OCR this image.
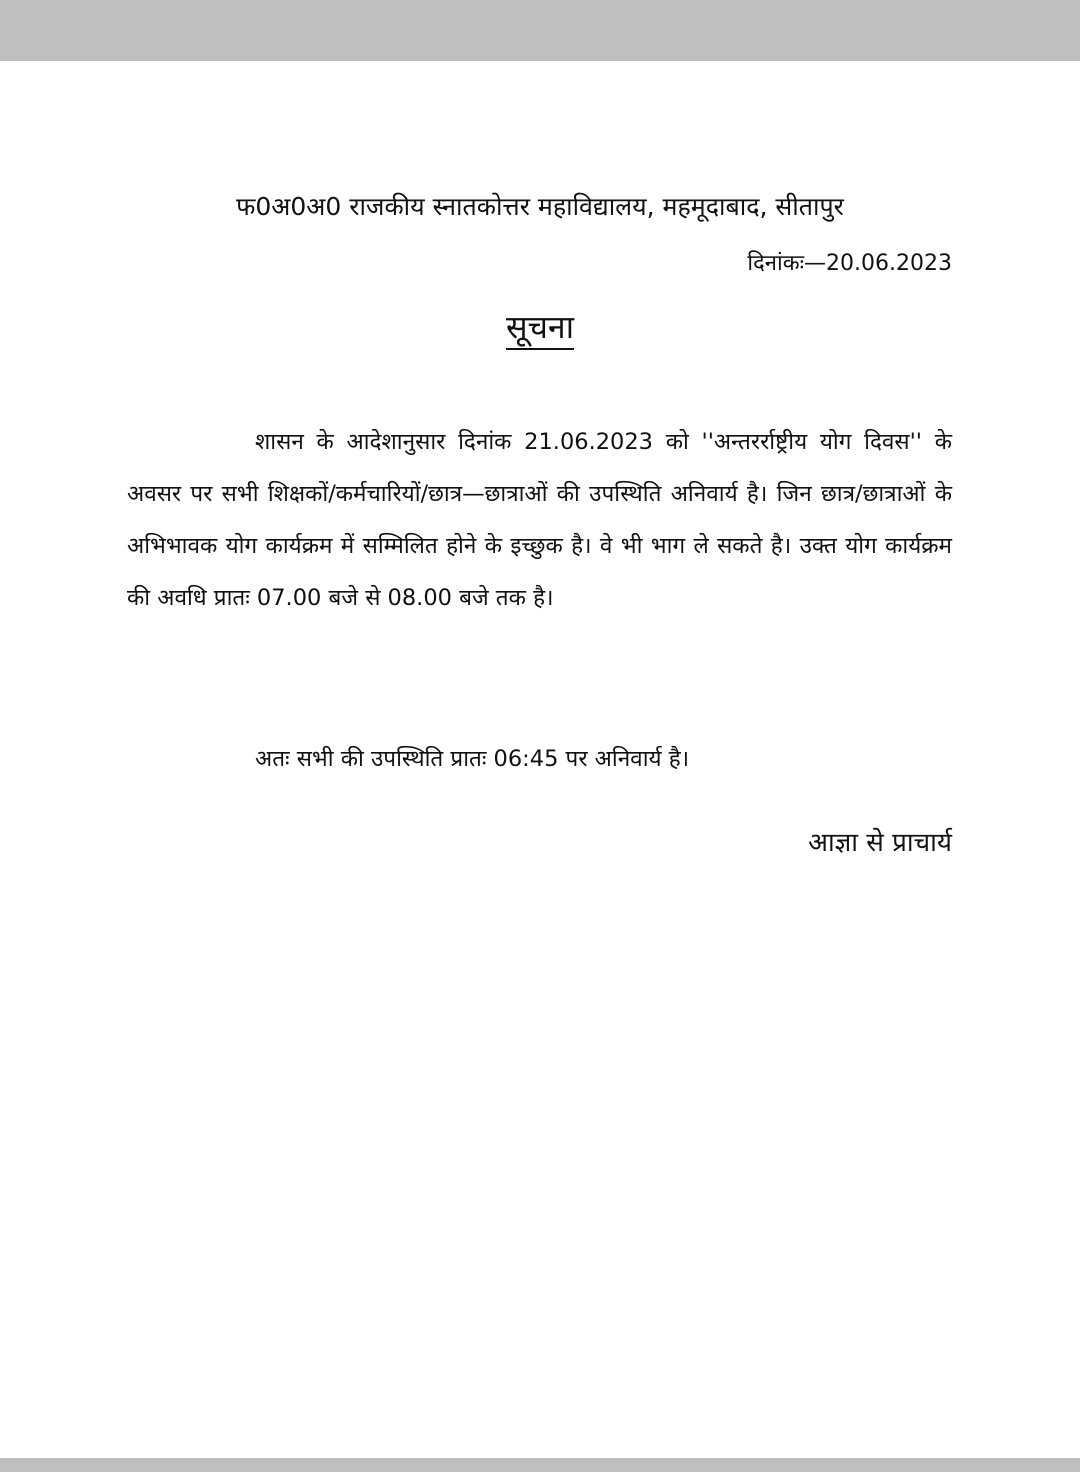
फ0अ0अ0 राजकीय स्नातकोत्तर महाविद्यालय, महमूदाबाद, सीतापुर
दिनांकः—20.06.2023
सूचना

शासन के आदेशानुसार दिनांक 21.06.2023 को ''अन्तरर्राष्ट्रीय योग दिवस'' के अवसर पर सभी शिक्षकों/कर्मचारियों/छात्र—छात्राओं की उपस्थिति अनिवार्य है। जिन छात्र/छात्राओं के अभिभावक योग कार्यक्रम में सम्मिलित होने के इच्छुक है। वे भी भाग ले सकते है। उक्त योग कार्यक्रम की अवधि प्रातः 07.00 बजे से 08.00 बजे तक है।

अतः सभी की उपस्थिति प्रातः 06:45 पर अनिवार्य है।

आज्ञा से प्राचार्य
